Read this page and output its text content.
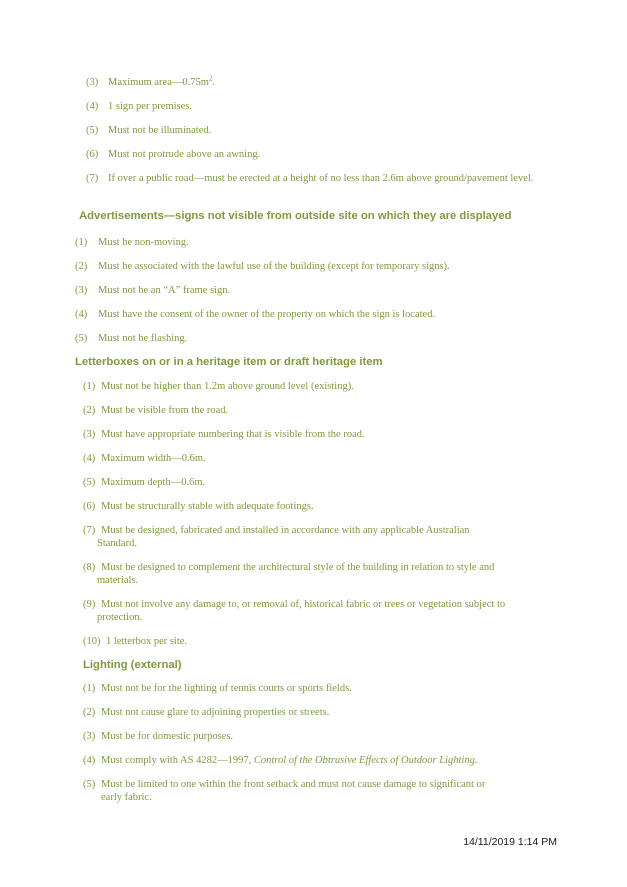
(3) Maximum $area—0.75m^2$.
(4) 1 sign per premises.
(5) Must not be illuminated.
(6) Must not protrude above an awning.
(7) If over a public road—must be erected at a height of no less than 2.6m above ground/pavement level.
Advertisements—signs not visible from outside site on which they are displayed
(1)	Must be non-moving.
(2)	Must be associated with the lawful use of the building (except for temporary signs).
(3)	Must not be an “A” frame sign.
(4)	Must have the consent of the owner of the property on which the sign is located.
(5)	Must not be flashing.
Letterboxes on or in a heritage item or draft heritage item
(1) Must not be higher than 1.2m above ground level (existing).
(2) Must be visible from the road.
(3) Must have appropriate numbering that is visible from the road.
(4) Maximum width—0.6m.
(5) Maximum depth—0.6m.
(6) Must be structurally stable with adequate footings.
(7) Must be designed, fabricated and installed in accordance with any applicable Australian
Standard.
(8) Must be designed to complement the architectural style of the building in relation to style and
materials.
(9) Must not involve any damage to, or removal of, historical fabric or trees or vegetation subject to
protection.
(10) 1 letterbox per site.
Lighting (external)
(1) Must not be for the lighting of tennis courts or sports fields.
(2) Must not cause glare to adjoining properties or streets.
(3) Must be for domestic purposes.
(4) Must comply with AS 4282—1997, Control of the Obtrusive Effects of Outdoor Lighting.
(5) Must be limited to one within the front setback and must not cause damage to significant or
early fabric.
14/11/2019 1:14 PM
